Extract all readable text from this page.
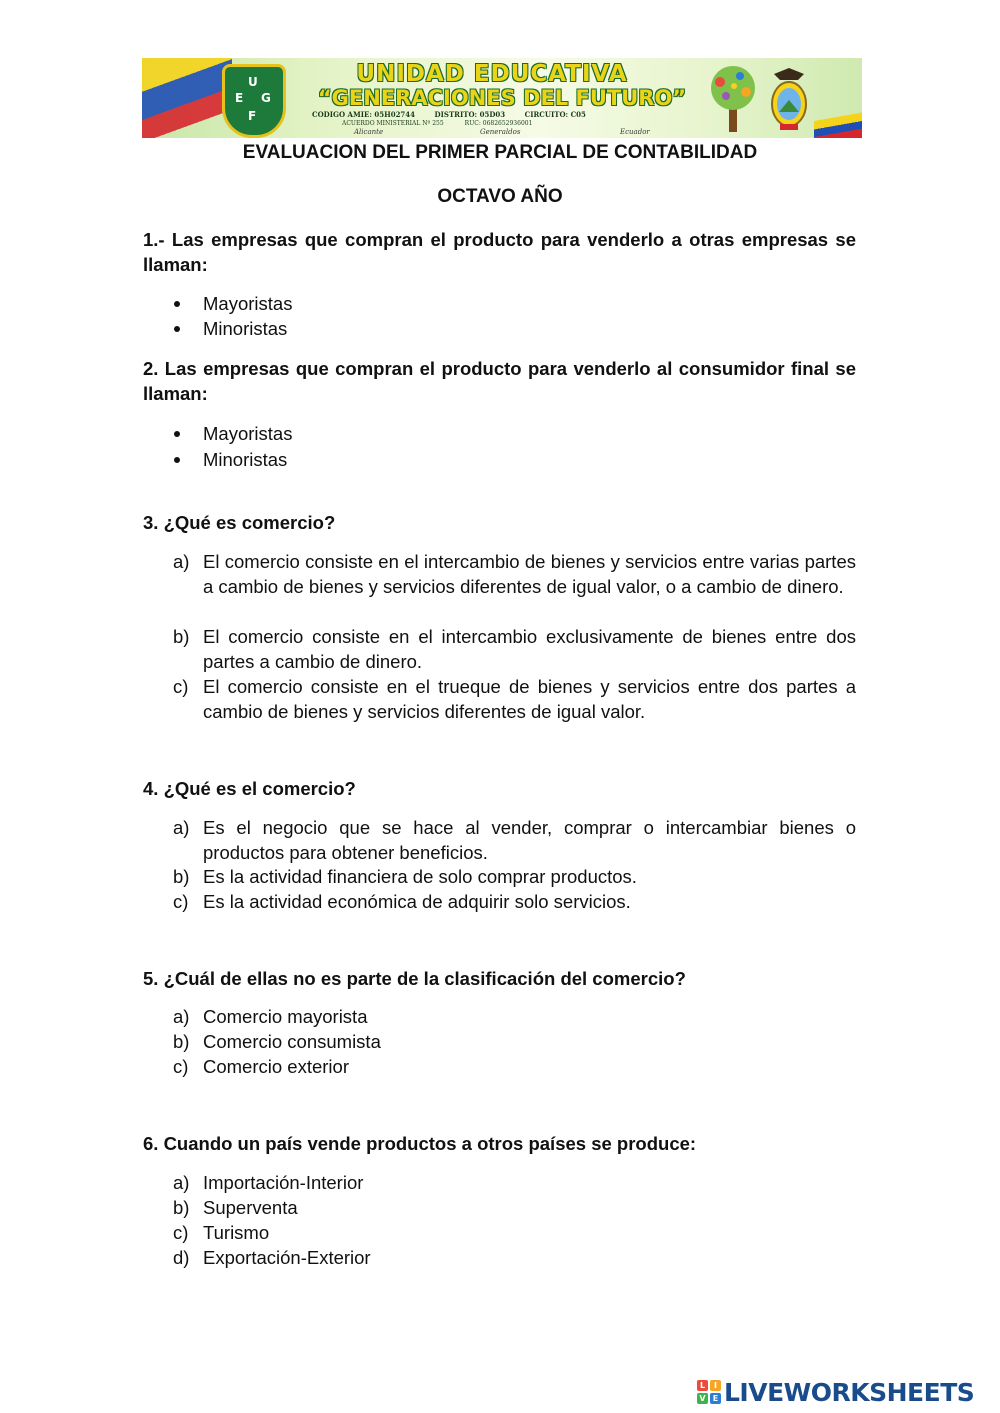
U
E G
F
UNIDAD EDUCATIVA
“GENERACIONES DEL FUTURO”
CODIGO AMIE: 05H02744	DISTRITO: 05D03	CIRCUITO: C05
ACUERDO MINISTERIAL Nº 255	RUC: 0682652936001
Alicante	Generaldos	Ecuador
EVALUACION DEL PRIMER PARCIAL DE CONTABILIDAD
OCTAVO AÑO
1.- Las empresas que compran el producto para venderlo a otras empresas se llaman:
Mayoristas
Minoristas
2. Las empresas que compran el producto para venderlo al consumidor final se llaman:
Mayoristas
Minoristas
3. ¿Qué es comercio?
a) El comercio consiste en el intercambio de bienes y servicios entre varias partes a cambio de bienes y servicios diferentes de igual valor, o a cambio de dinero.
b) El comercio consiste en el intercambio exclusivamente de bienes entre dos partes a cambio de dinero.
c) El comercio consiste en el trueque de bienes y servicios entre dos partes a cambio de bienes y servicios diferentes de igual valor.
4. ¿Qué es el comercio?
a) Es el negocio que se hace al vender, comprar o intercambiar bienes o productos para obtener beneficios.
b) Es la actividad financiera de solo comprar productos.
c) Es la actividad económica de adquirir solo servicios.
5. ¿Cuál de ellas no es parte de la clasificación del comercio?
a) Comercio mayorista
b) Comercio consumista
c) Comercio exterior
6. Cuando un país vende productos a otros países se produce:
a) Importación-Interior
b) Superventa
c) Turismo
d) Exportación-Exterior
L	I
V E LIVEWORKSHEETS
